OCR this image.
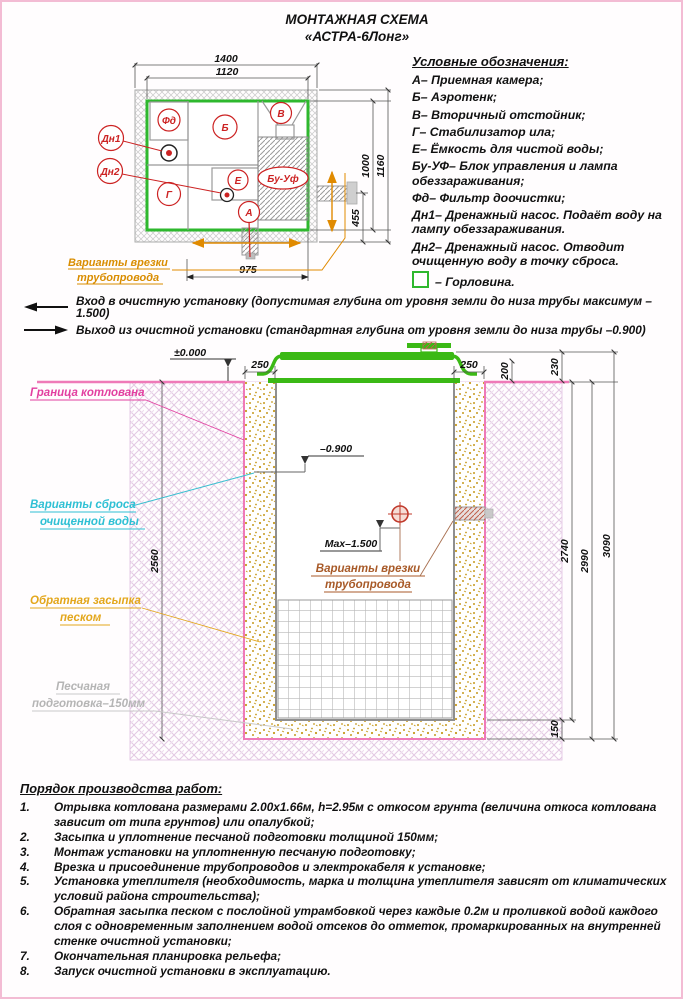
МОНТАЖНАЯ СХЕМА
«АСТРА-6Лонг»
Фд
Б
В
Г
Е	Бу-Уф
А
Дн1
Дн2
1400
1120
1000 1160
455
975
Варианты врезки
трубопровода
Условные обозначения:
А– Приемная камера;
Б– Аэротенк;
В– Вторичный отстойник;
Г– Стабилизатор ила;
Е– Ёмкость для чистой воды;
Бу-УФ– Блок управления и лампа обеззараживания;
Фд– Фильтр доочистки;
Дн1– Дренажный насос. Подаёт воду на лампу обеззараживания.
Дн2– Дренажный насос. Отводит очищенную воду в точку сброса.
– Горловина.
Вход в очистную установку (допустимая глубина от уровня земли до низа трубы максимум –1.500)
Выход из очистной установки (стандартная глубина от уровня земли до низа трубы –0.900)
±0.000
250	250 200	230
2740 2990
3090
150
2560
–0.900
Max–1.500
Варианты врезки
трубопровода
Граница котлована
Варианты сброса
очищенной воды
Обратная засыпка
песком
Песчаная
подготовка–150мм
Порядок производства работ:
1.	Отрывка котлована размерами 2.00х1.66м, h=2.95м с откосом грунта (величина откоса котлована зависит от типа грунтов) или опалубкой;
2.	Засыпка и уплотнение песчаной подготовки толщиной 150мм;
3.	Монтаж установки на уплотненную песчаную подготовку;
4.	Врезка и присоединение трубопроводов и электрокабеля к установке;
5.	Установка утеплителя (необходимость, марка и толщина утеплителя зависят от климатических условий района строительства);
6.	Обратная засыпка песком с послойной утрамбовкой через каждые 0.2м и проливкой водой каждого слоя с одновременным заполнением водой отсеков до отметок, промаркированных на внутренней стенке очистной установки;
7.	Окончательная планировка рельефа;
8.	Запуск очистной установки в эксплуатацию.
